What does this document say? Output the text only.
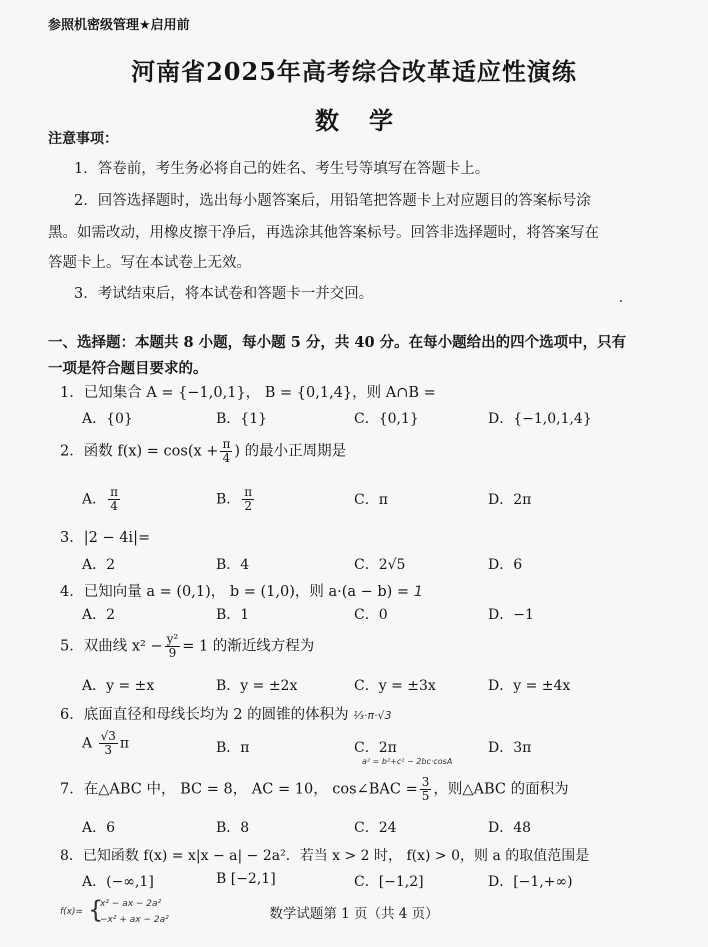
参照机密级管理★启用前
河南省2025年高考综合改革适应性演练
数学
注意事项：
1．答卷前，考生务必将自己的姓名、考生号等填写在答题卡上。
2．回答选择题时，选出每小题答案后，用铅笔把答题卡上对应题目的答案标号涂
黑。如需改动，用橡皮擦干净后，再选涂其他答案标号。回答非选择题时，将答案写在
答题卡上。写在本试卷上无效。
3．考试结束后，将本试卷和答题卡一并交回。
一、选择题：本题共 8 小题，每小题 5 分，共 40 分。在每小题给出的四个选项中，只有一项是符合题目要求的。
1．已知集合 A = {−1,0,1}， B = {0,1,4}，则 A∩B =
A．{0}	B．{1}	C．{0,1}	D．{−1,0,1,4}
2．函数 $f(x) = \cos(x + \frac{\pi}{4}$ ) 的最小正周期是
A． $\frac{\pi}{4}$	B． $\frac{\pi}{2}$	C．π	D．2π
3．|2 − 4i|=
A．2	B．4	C．2√5	D．6
4．已知向量 a = (0,1)， b = (1,0)，则 a·(a − b) = 1
A．2	B．1	C．0	D．−1
5．双曲线 $x^2 - \frac{\text{y²}}{9} = 1$ 的渐近线方程为
A．y = ±x	B．y = ±2x	C．y = ±3x	D．y = ±4x
6．底面直径和母线长均为 2 的圆锥的体积为 ⅓·π·√3
A $\frac{√3}{3}$ π	B．π	C．2π	D．3π
a² = b²+c² − 2bc·cosA
7．在△ABC 中， BC = 8， AC = 10， cos∠BAC = $\frac{3}{5}$ ，则△ABC 的面积为
A．6	B．8	C．24	D．48
8．已知函数 f(x) = x|x − a| − 2a²．若当 x > 2 时， f(x) > 0，则 a 的取值范围是
A．(−∞,1]	B [−2,1]	C．[−1,2]	D．[−1,+∞)
f(x)= {
x² − ax − 2a²
−x² + ax − 2a²	数学试题第 1 页（共 4 页）
